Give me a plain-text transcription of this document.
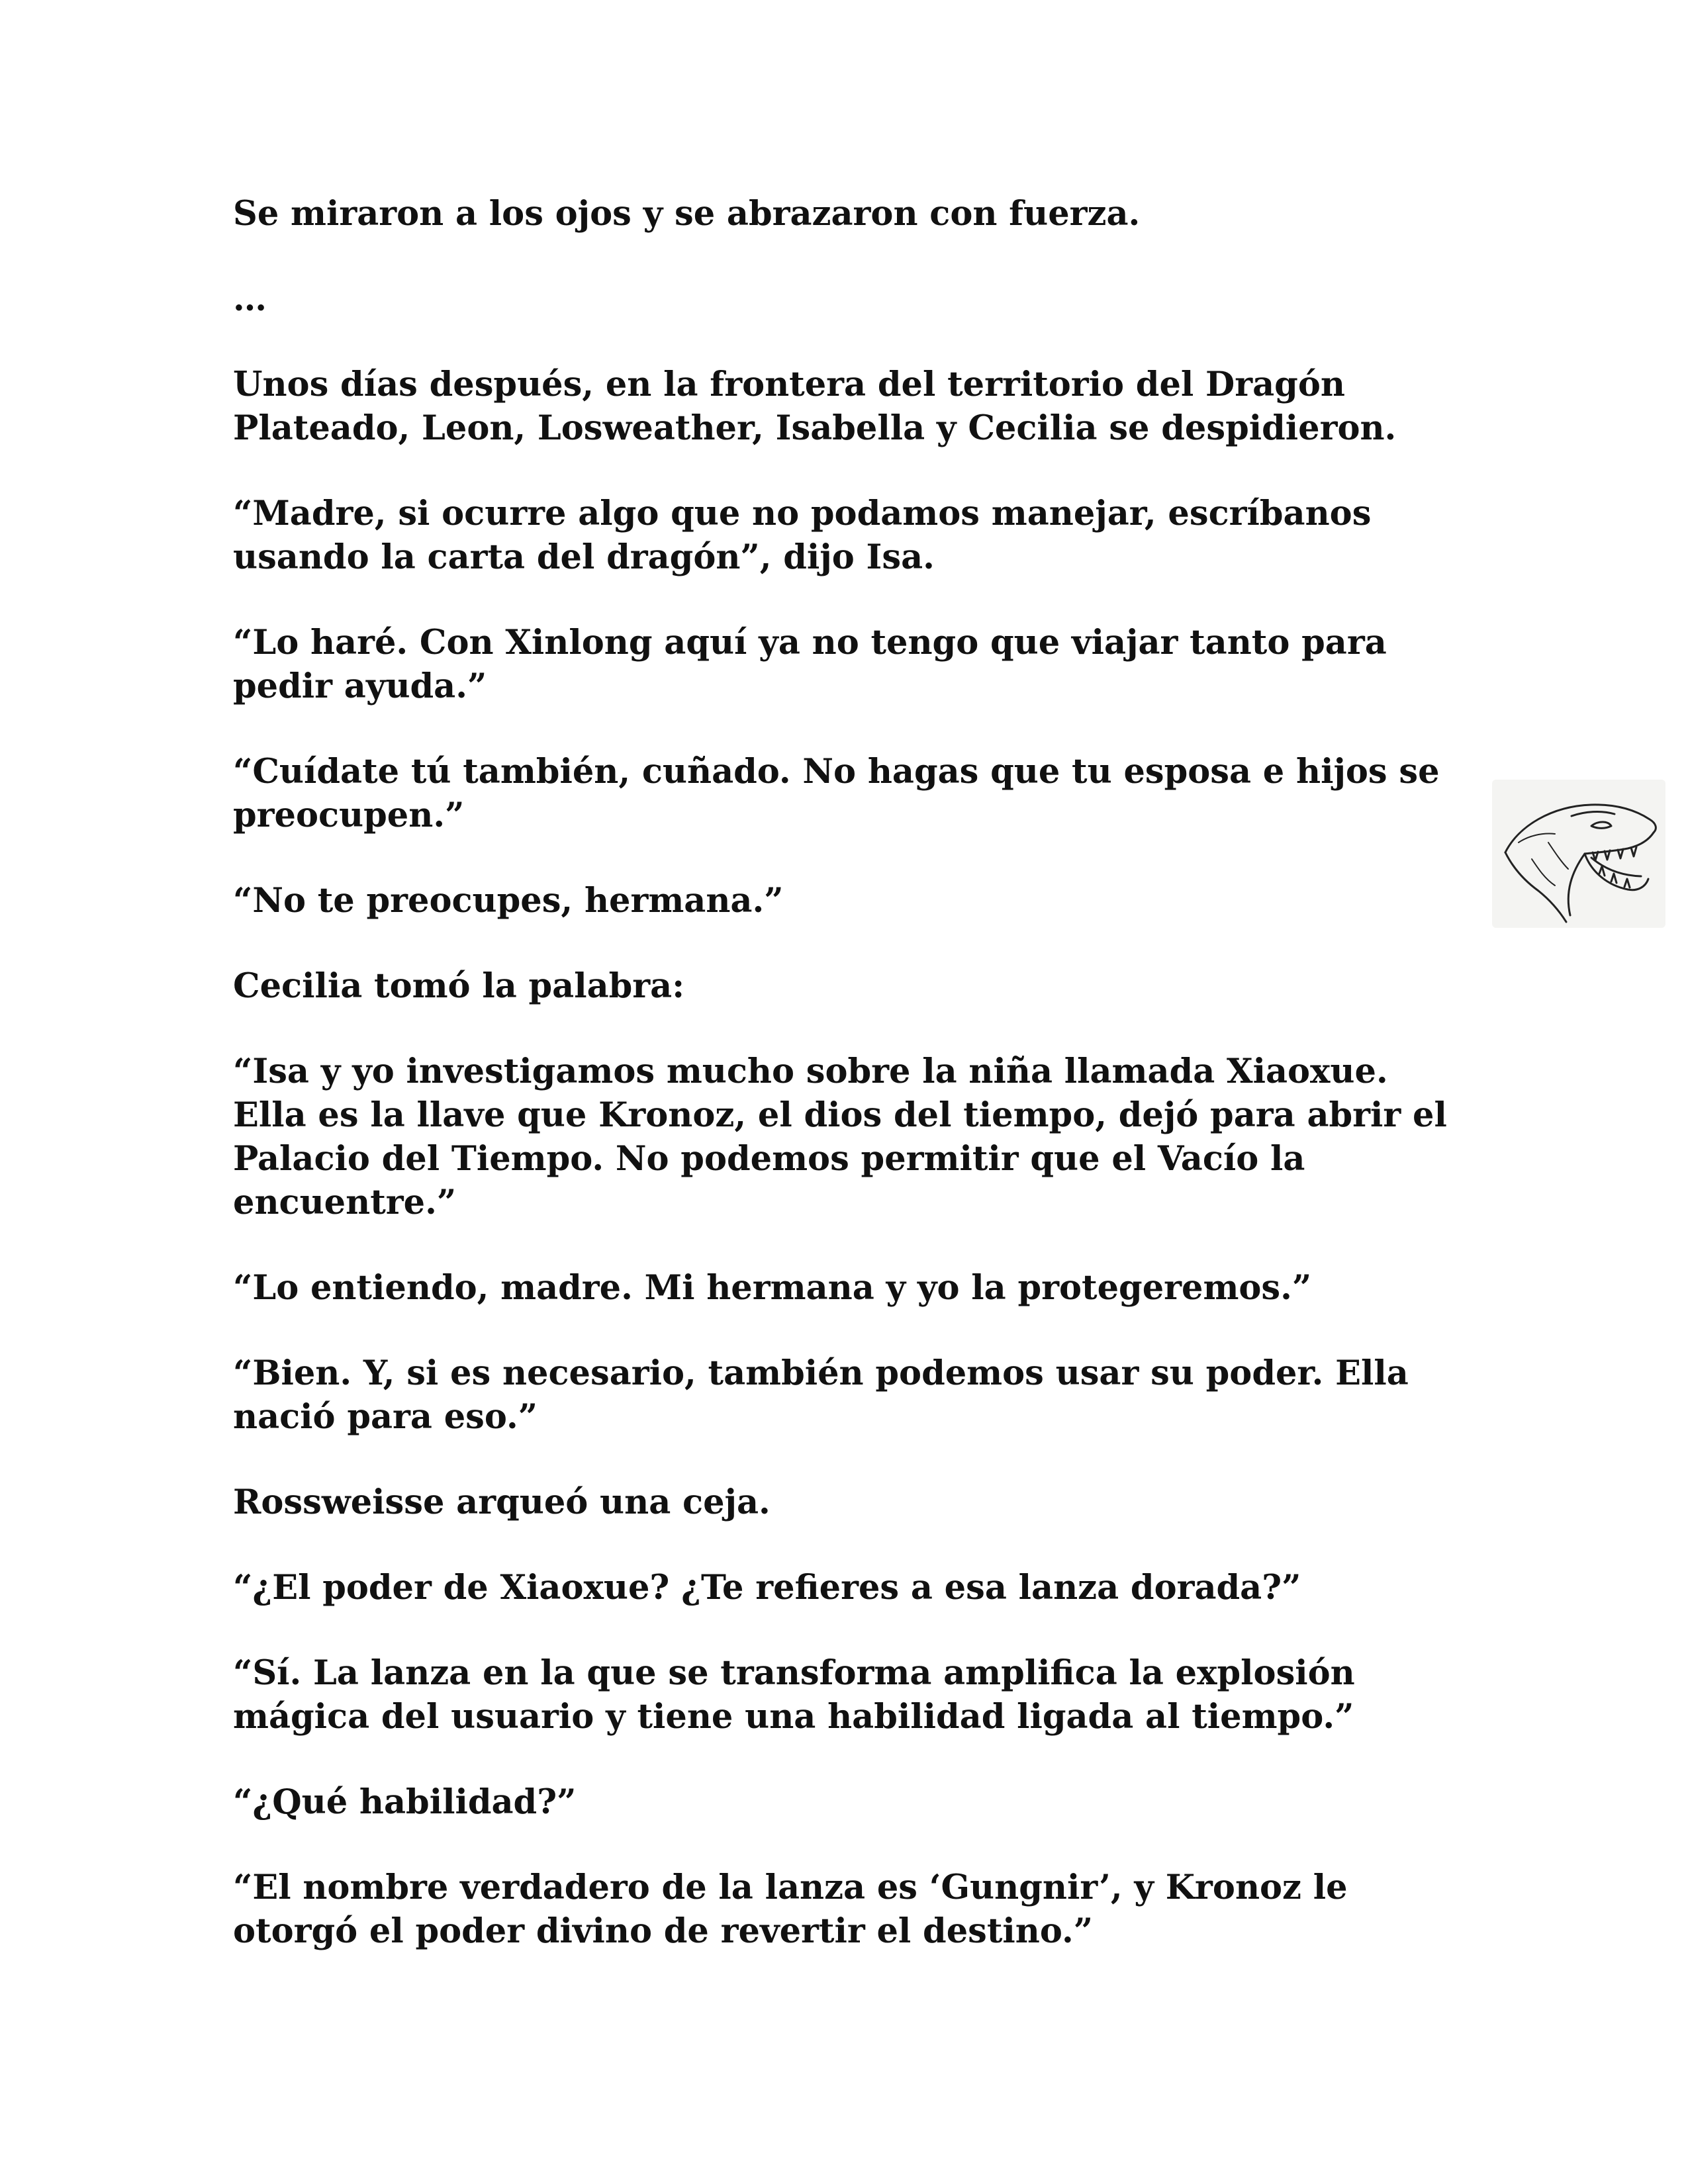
Se miraron a los ojos y se abrazaron con fuerza.

…

Unos días después, en la frontera del territorio del Dragón Plateado, Leon, Losweather, Isabella y Cecilia se despidieron.

“Madre, si ocurre algo que no podamos manejar, escríbanos usando la carta del dragón”, dijo Isa.

“Lo haré. Con Xinlong aquí ya no tengo que viajar tanto para pedir ayuda.”

“Cuídate tú también, cuñado. No hagas que tu esposa e hijos se preocupen.”

“No te preocupes, hermana.”

Cecilia tomó la palabra:

“Isa y yo investigamos mucho sobre la niña llamada Xiaoxue. Ella es la llave que Kronoz, el dios del tiempo, dejó para abrir el Palacio del Tiempo. No podemos permitir que el Vacío la encuentre.”

“Lo entiendo, madre. Mi hermana y yo la protegeremos.”

“Bien. Y, si es necesario, también podemos usar su poder. Ella nació para eso.”

Rossweisse arqueó una ceja.

“¿El poder de Xiaoxue? ¿Te refieres a esa lanza dorada?”

“Sí. La lanza en la que se transforma amplifica la explosión mágica del usuario y tiene una habilidad ligada al tiempo.”

“¿Qué habilidad?”

“El nombre verdadero de la lanza es ‘Gungnir’, y Kronoz le otorgó el poder divino de revertir el destino.”
